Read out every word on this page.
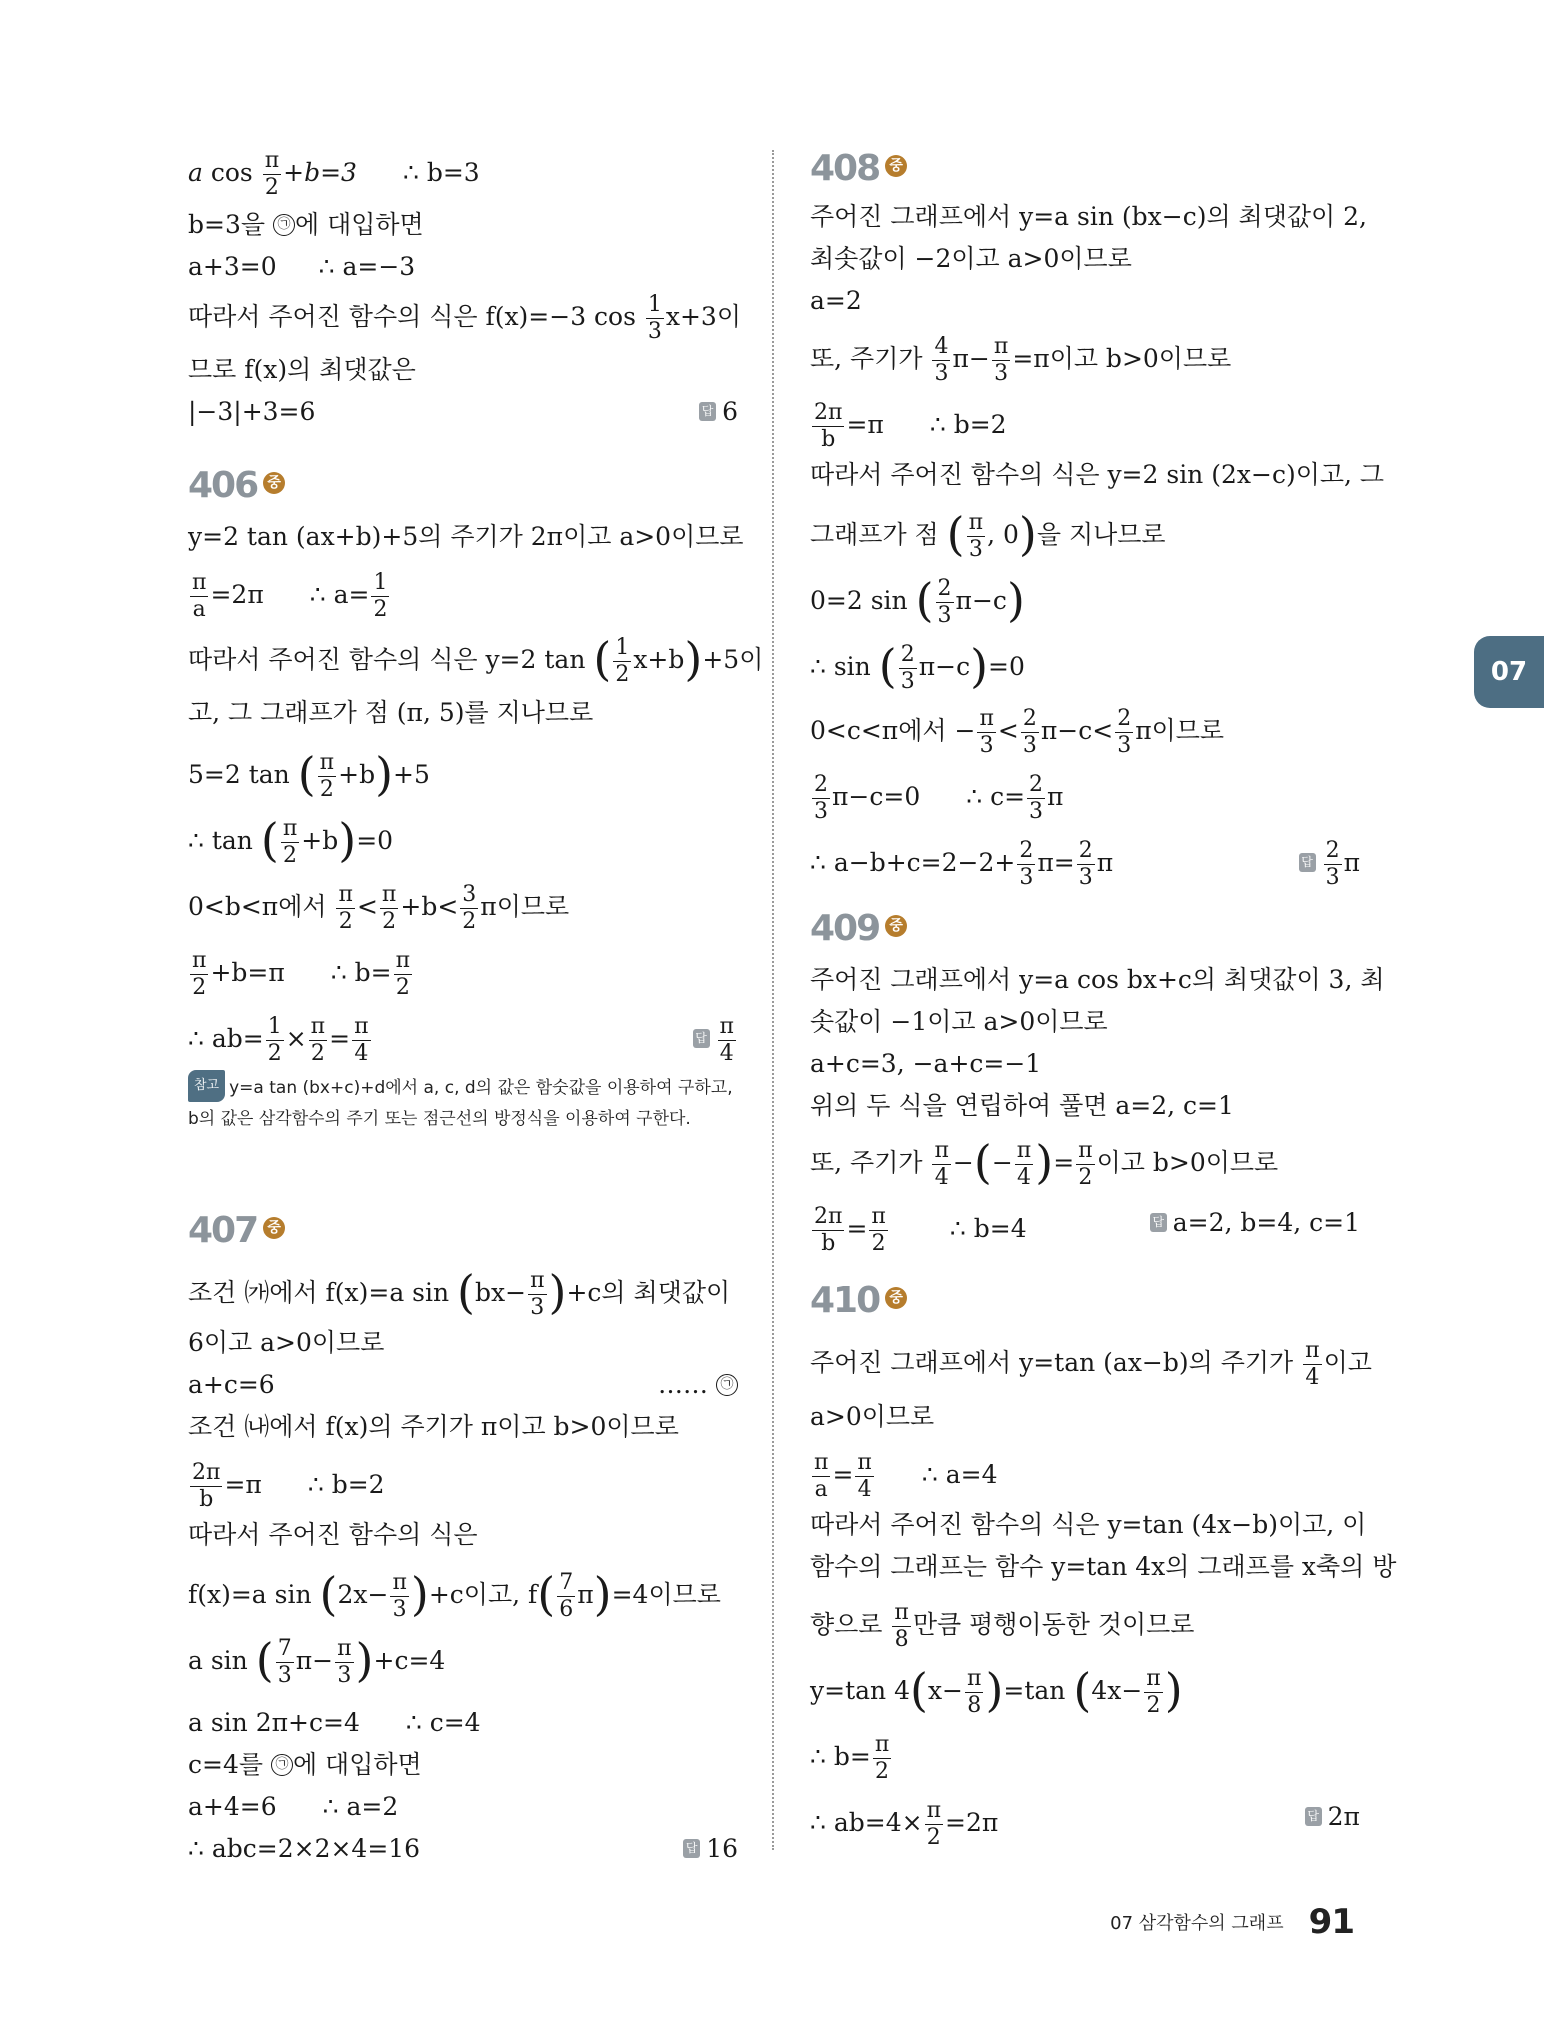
07
a $\cos \frac{\pi}{2} +b=3$ ∴ b=3
b=3을 ㉠ 에 대입하면
a+3=0 ∴ a=−3
따라서 주어진 함수의 식은 f(x)=−3 $\cos \frac{1}{3} x+3$이
므로 f(x)의 최댓값은
|−3|+3=6	답 6
406 중
y=2 tan (ax+b)+5의 주기가 2π이고 a>0이므로
$\frac{\pi}{a} =2\pi$ ∴ $a= \frac{1}{2}$
따라서 주어진 함수의 식은 y=2 tan ( $\frac{1}{2} x+b)+5$이
고, 그 그래프가 점 (π, 5)를 지나므로
5=2 tan ( $\frac{\pi}{2} +b)+5$
∴ tan ( $\frac{\pi}{2} +b)=0$
0<b<π에서 $\frac{\pi}{2} < \frac{\pi}{2} +b< \frac{3}{2}$ π이므로
$\frac{\pi}{2} +b=\pi$ ∴ $b= \frac{\pi}{2}$
∴ $ab= \frac{1}{2} \times \frac{\pi}{2} = \frac{\pi}{4}$	답 $\frac{\pi}{4}$
참고 y=a tan (bx+c)+d에서 a, c, d의 값은 함숫값을 이용하여 구하고, b의 값은 삼각함수의 주기 또는 점근선의 방정식을 이용하여 구한다.
407 중
조건 ㈎에서 f(x)=a $\sin (bx- \frac{\pi}{3} )+c$의 최댓값이
6이고 a>0이므로
a+c=6	…… ㉠
조건 ㈏에서 f(x)의 주기가 π이고 b>0이므로
$\frac{2\pi}{b} =\pi$ ∴ b=2
따라서 주어진 함수의 식은
f(x)=a $\sin (2x- \frac{\pi}{3} )+c$이고, $f( \frac{7}{6} \pi)=4$이므로
a sin ( $\frac{7}{3} \pi- \frac{\pi}{3} )+c=4$
a sin 2π+c=4 ∴ c=4
c=4를 ㉠ 에 대입하면
a+4=6 ∴ a=2
∴ abc=2×2×4=16	답 16
408 중
주어진 그래프에서 y=a sin (bx−c)의 최댓값이 2,
최솟값이 −2이고 a>0이므로
a=2
또, 주기가 $\frac{4}{3} \pi- \frac{\pi}{3} =\pi$이고 b>0이므로
$\frac{2\pi}{b} =\pi$ ∴ b=2
따라서 주어진 함수의 식은 y=2 sin (2x−c)이고, 그
그래프가 점 ( $\frac{\pi}{3}$ , 0)을 지나므로
0=2 sin ( $\frac{2}{3} \pi-c$)
∴ sin ( $\frac{2}{3} \pi-c)=0$
0<c<π에서 − $\frac{\pi}{3} < \frac{2}{3} \pi-c< \frac{2}{3}$ π이므로
$\frac{2}{3} \pi-c=0$ ∴ $c= \frac{2}{3}$ π
∴ $a-b+c=2-2+ \frac{2}{3} \pi= \frac{2}{3}$ π	답 $\frac{2}{3}$ π
409 중
주어진 그래프에서 y=a cos bx+c의 최댓값이 3, 최
솟값이 −1이고 a>0이므로
a+c=3, −a+c=−1
위의 두 식을 연립하여 풀면 a=2, c=1
또, 주기가 $\frac{\pi}{4}$ −(− $\frac{\pi}{4}$ )= $\frac{\pi}{2}$ 이고 b>0이므로
$\frac{2\pi}{b} = \frac{\pi}{2}$ ∴ b=4	답 a=2, b=4, c=1
410 중
주어진 그래프에서 y=tan (ax−b)의 주기가 $\frac{\pi}{4}$ 이고
a>0이므로
$\frac{\pi}{a} = \frac{\pi}{4}$ ∴ a=4
따라서 주어진 함수의 식은 y=tan (4x−b)이고, 이
함수의 그래프는 함수 y=tan 4x의 그래프를 x축의 방
향으로 $\frac{\pi}{8}$ 만큼 평행이동한 것이므로
y=tan $4(x- \frac{\pi}{8} )=\tan$ ($4x- \frac{\pi}{2}$ )
∴ $b= \frac{\pi}{2}$
∴ $ab=4\times \frac{\pi}{2} =2\pi$	답 2π
07 삼각함수의 그래프 91
